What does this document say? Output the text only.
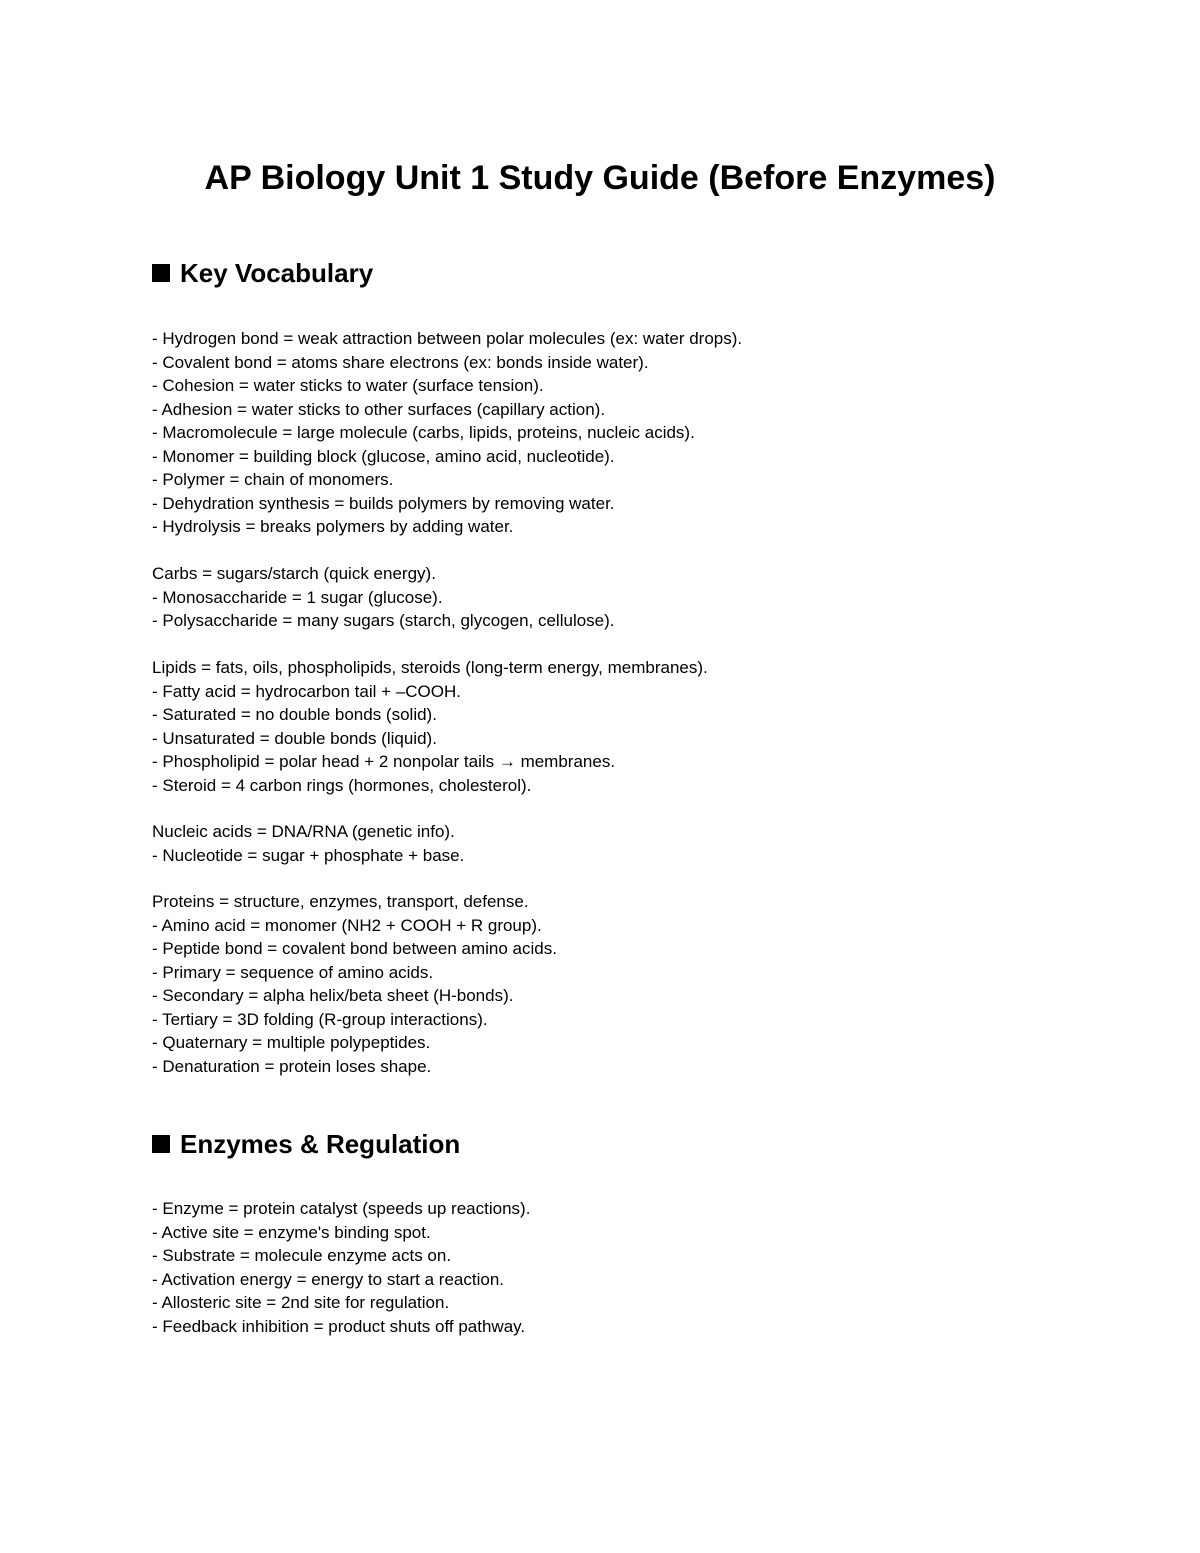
AP Biology Unit 1 Study Guide (Before Enzymes)
Key Vocabulary
- Hydrogen bond = weak attraction between polar molecules (ex: water drops).
- Covalent bond = atoms share electrons (ex: bonds inside water).
- Cohesion = water sticks to water (surface tension).
- Adhesion = water sticks to other surfaces (capillary action).
- Macromolecule = large molecule (carbs, lipids, proteins, nucleic acids).
- Monomer = building block (glucose, amino acid, nucleotide).
- Polymer = chain of monomers.
- Dehydration synthesis = builds polymers by removing water.
- Hydrolysis = breaks polymers by adding water.
Carbs = sugars/starch (quick energy).
- Monosaccharide = 1 sugar (glucose).
- Polysaccharide = many sugars (starch, glycogen, cellulose).
Lipids = fats, oils, phospholipids, steroids (long-term energy, membranes).
- Fatty acid = hydrocarbon tail + –COOH.
- Saturated = no double bonds (solid).
- Unsaturated = double bonds (liquid).
- Phospholipid = polar head + 2 nonpolar tails → membranes.
- Steroid = 4 carbon rings (hormones, cholesterol).
Nucleic acids = DNA/RNA (genetic info).
- Nucleotide = sugar + phosphate + base.
Proteins = structure, enzymes, transport, defense.
- Amino acid = monomer (NH2 + COOH + R group).
- Peptide bond = covalent bond between amino acids.
- Primary = sequence of amino acids.
- Secondary = alpha helix/beta sheet (H-bonds).
- Tertiary = 3D folding (R-group interactions).
- Quaternary = multiple polypeptides.
- Denaturation = protein loses shape.
Enzymes & Regulation
- Enzyme = protein catalyst (speeds up reactions).
- Active site = enzyme's binding spot.
- Substrate = molecule enzyme acts on.
- Activation energy = energy to start a reaction.
- Allosteric site = 2nd site for regulation.
- Feedback inhibition = product shuts off pathway.
